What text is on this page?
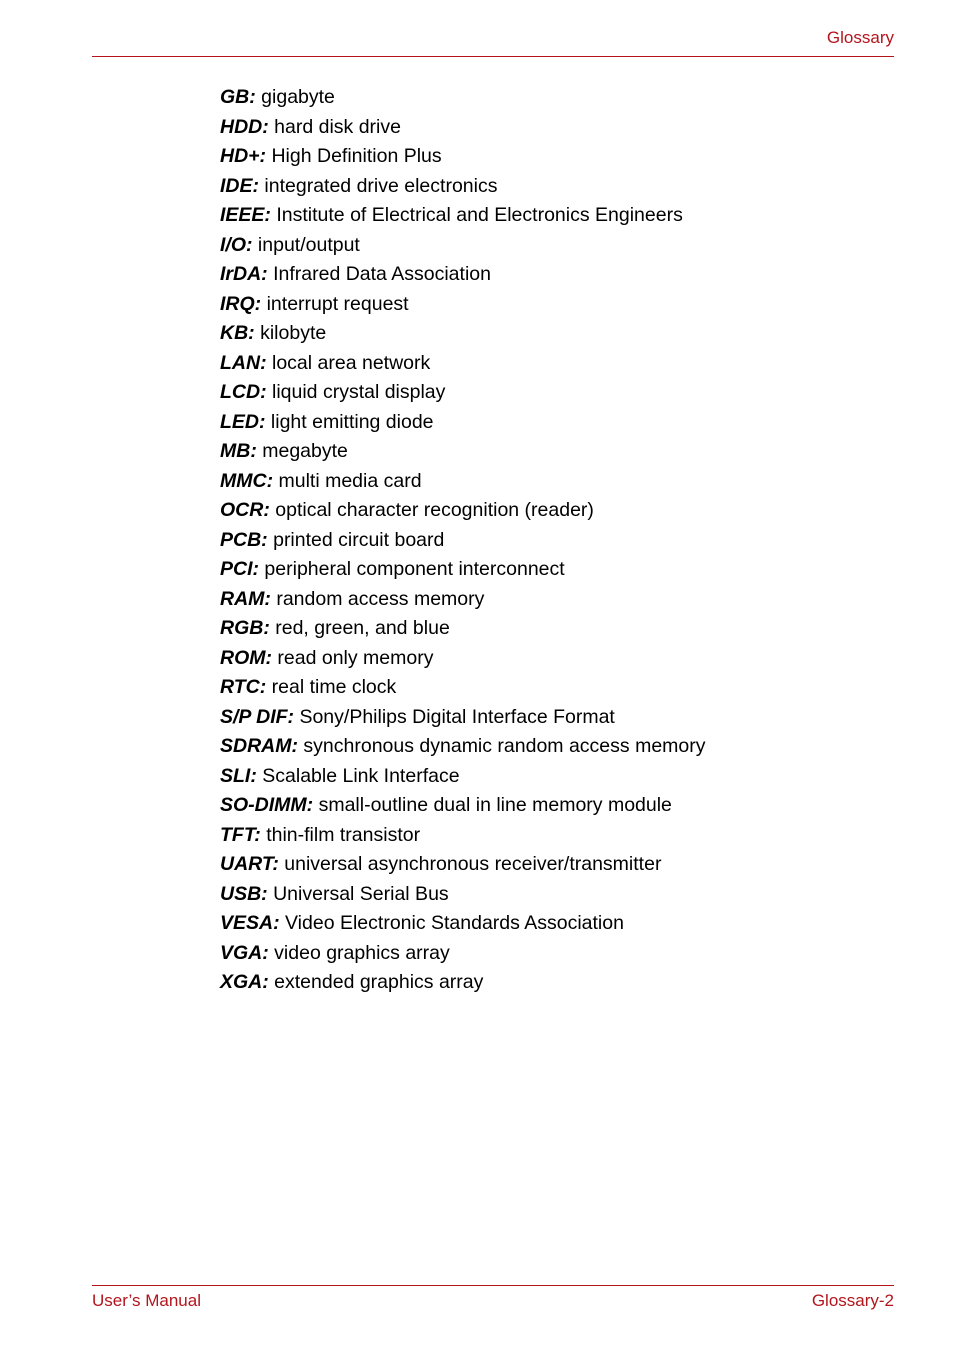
Glossary
GB: gigabyte
HDD: hard disk drive
HD+: High Definition Plus
IDE: integrated drive electronics
IEEE: Institute of Electrical and Electronics Engineers
I/O: input/output
IrDA: Infrared Data Association
IRQ: interrupt request
KB: kilobyte
LAN: local area network
LCD: liquid crystal display
LED: light emitting diode
MB: megabyte
MMC: multi media card
OCR: optical character recognition (reader)
PCB: printed circuit board
PCI: peripheral component interconnect
RAM: random access memory
RGB: red, green, and blue
ROM: read only memory
RTC: real time clock
S/P DIF: Sony/Philips Digital Interface Format
SDRAM: synchronous dynamic random access memory
SLI: Scalable Link Interface
SO-DIMM: small-outline dual in line memory module
TFT: thin-film transistor
UART: universal asynchronous receiver/transmitter
USB: Universal Serial Bus
VESA: Video Electronic Standards Association
VGA: video graphics array
XGA: extended graphics array
User’s Manual	Glossary-2
